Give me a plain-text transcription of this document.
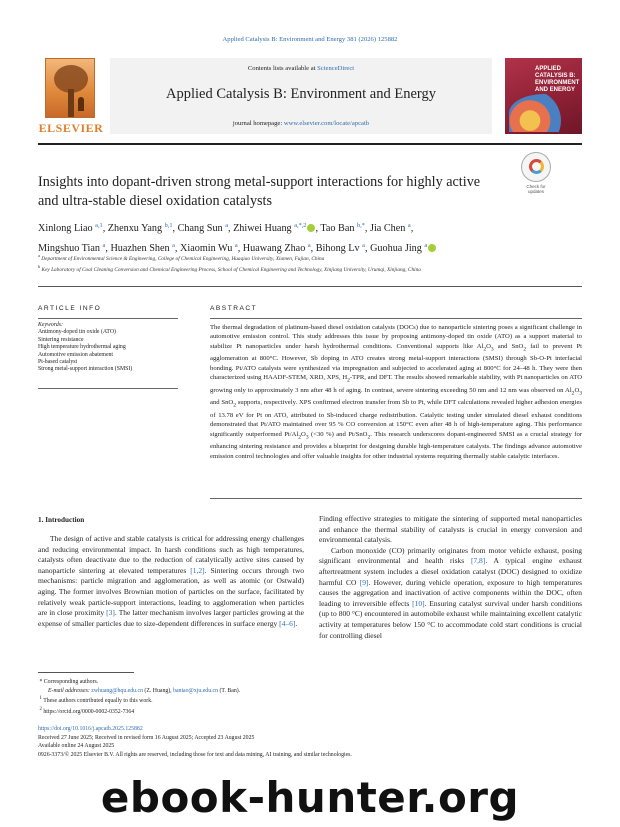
Applied Catalysis B: Environment and Energy 381 (2026) 125882
ELSEVIER
Contents lists available at ScienceDirect
Applied Catalysis B: Environment and Energy
journal homepage: www.elsevier.com/locate/apcatb
APPLIED
CATALYSIS B:
ENVIRONMENT
AND ENERGY
Insights into dopant-driven strong metal-support interactions for highly active and ultra-stable diesel oxidation catalysts
Check for
updates
Xinlong Liao $^{a,1}$, Zhenxu Yang $^{b,1}$, Chang Sun $^a$, Zhiwei Huang $^{a,*,2}$ , Tao Ban $^{b,*}$, Jia Chen $^a$,
Mingshuo Tian $^a$, Huazhen Shen $^a$, Xiaomin Wu $^a$, Huawang Zhao $^a$, Bihong Lv $^a$, Guohua Jing $^a$
$^a$ Department of Environmental Science & Engineering, College of Chemical Engineering, Huaqiao University, Xiamen, Fujian, China
$^b$ Key Laboratory of Coal Cleaning Conversion and Chemical Engineering Process, School of Chemical Engineering and Technology, Xinjiang University, Urumqi, Xinjiang, China
ARTICLE INFO	ABSTRACT
Keywords:
Antimony-doped tin oxide (ATO)
Sintering resistance
High temperature hydrothermal aging
Automotive emission abatement
Pt-based catalyst
Strong metal-support interaction (SMSI)
The thermal degradation of platinum-based diesel oxidation catalysts (DOCs) due to nanoparticle sintering poses a significant challenge in automotive emission control. This study addresses this issue by proposing antimony-doped tin oxide (ATO) as a support material to stabilize Pt nanoparticles under harsh hydrothermal conditions. Conventional supports like $Al_2O_3$ and SnO$_2$ fail to prevent Pt agglomeration at 800°C. However, Sb doping in ATO creates strong metal-support interactions (SMSI) through Sb-O-Pt interfacial bonding. Pt/ATO catalysts were synthesized via impregnation and subjected to accelerated aging at 800°C for 24–48 h. They were then characterized using HAADF-STEM, XRD, XPS, $H_2$-TPR, and DFT. The results showed remarkable stability, with Pt nanoparticles on ATO growing only to approximately 3 nm after 48 h of aging. In contrast, severe sintering exceeding 50 nm and 12 nm was observed on $Al_2O_3$ and SnO$_2$ supports, respectively. XPS confirmed electron transfer from Sb to Pt, while DFT calculations revealed higher adhesion energies of 13.78 eV for Pt on ATO, attributed to Sb-induced charge redistribution. Catalytic testing under simulated diesel exhaust conditions demonstrated that Pt/ATO maintained over 95 % CO conversion at 150°C even after 48 h of high-temperature aging. This performance significantly outperformed $Pt/Al_2O_3$ (<30 %) and Pt/SnO$_2$. This research underscores dopant-engineered SMSI as a crucial strategy for enhancing sintering resistance and provides a blueprint for designing durable high-temperature catalysts. The findings advance automotive emission control technologies and offer valuable insights for other industrial systems requiring thermally stable catalytic interfaces.
1. Introduction

The design of active and stable catalysts is critical for addressing energy challenges and reducing environmental impact. In harsh conditions such as high temperatures, catalysts often deactivate due to the reduction of catalytically active sites caused by nanoparticle sintering at elevated temperatures [1,2]. Sintering occurs through two mechanisms: particle migration and agglomeration, as well as atomic (or Ostwald) aging. The former involves Brownian motion of particles on the surface, facilitated by relatively weak particle-support interactions, leading to agglomeration when particles are in close proximity [3]. The latter mechanism involves larger particles growing at the expense of smaller particles due to size-dependent differences in surface energy [4–6].

Finding effective strategies to mitigate the sintering of supported metal nanoparticles and enhance the thermal stability of catalysts is crucial in energy conversion and environmental catalysis.

Carbon monoxide (CO) primarily originates from motor vehicle exhaust, posing significant environmental and health risks [7,8]. A typical engine exhaust aftertreatment system includes a diesel oxidation catalyst (DOC) designed to oxidize harmful CO [9]. However, during vehicle operation, exposure to high temperatures causes the aggregation and inactivation of active components within the DOC, often leading to irreversible effects [10]. Ensuring catalyst survival under harsh conditions (up to 800 °C) encountered in automobile exhaust while maintaining excellent catalytic activity at temperatures below 150 °C to accommodate cold start conditions is crucial for controlling diesel

* Corresponding authors.
E-mail addresses: zwhuang@hqu.edu.cn (Z. Huang), bantao@xju.edu.cn (T. Ban).
$^1$ These authors contributed equally to this work.
$^2$ https://orcid.org/0000-0002-0352-7364
https://doi.org/10.1016/j.apcatb.2025.125882
Received 27 June 2025; Received in revised form 16 August 2025; Accepted 23 August 2025
Available online 24 August 2025
0926-3373/© 2025 Elsevier B.V. All rights are reserved, including those for text and data mining, AI training, and similar technologies.
ebook-hunter.org
